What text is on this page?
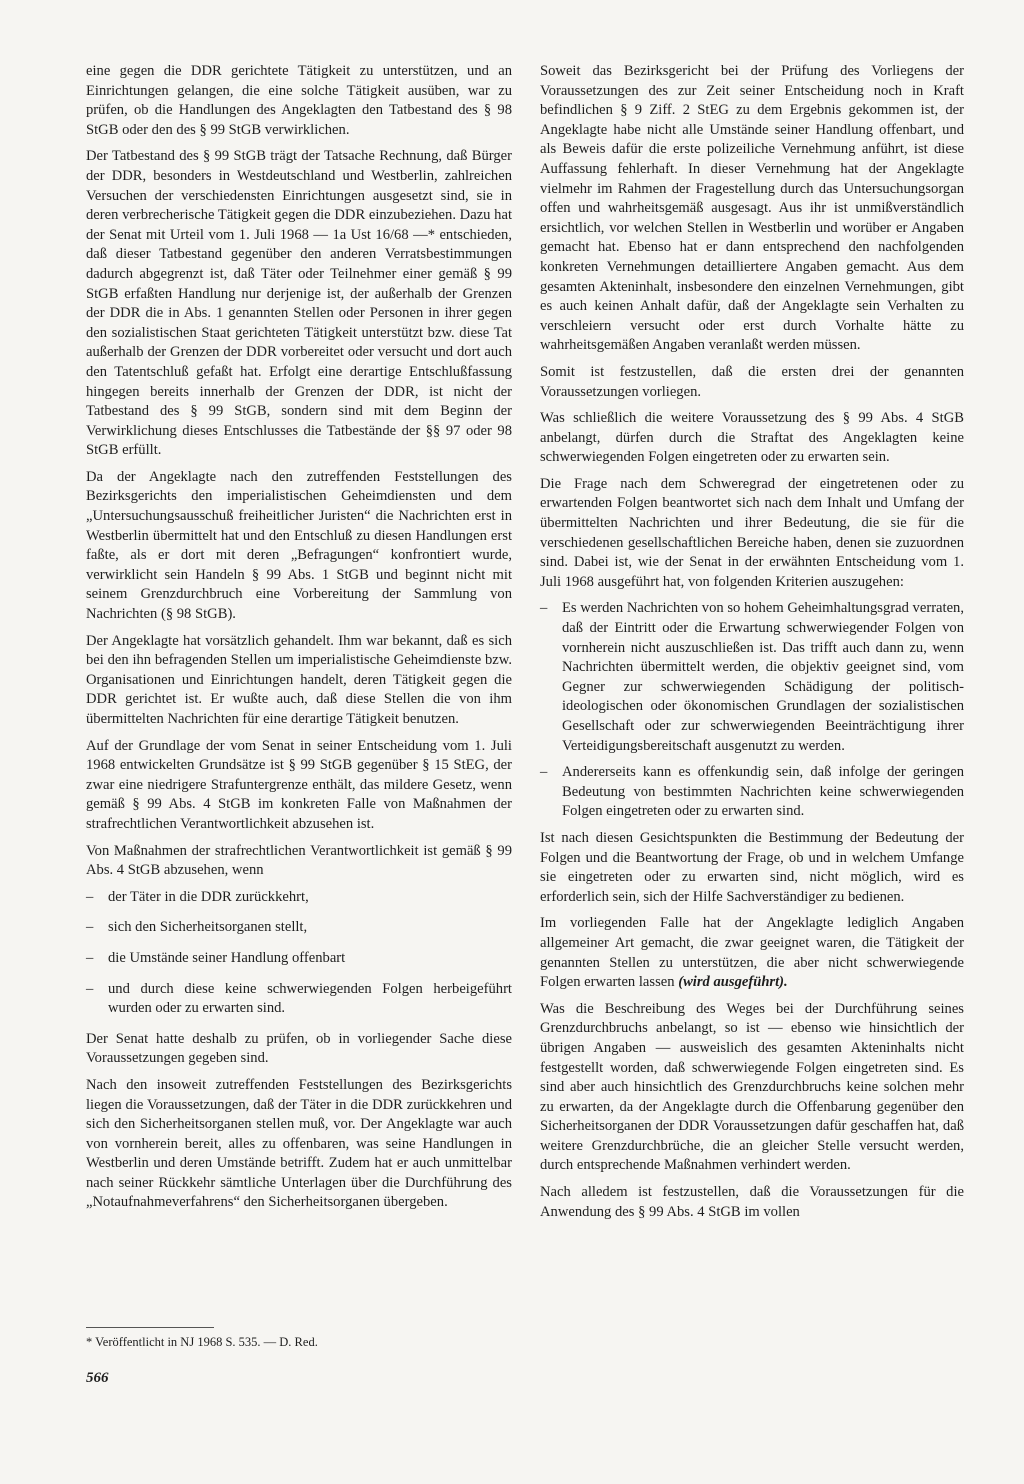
eine gegen die DDR gerichtete Tätigkeit zu unterstützen, und an Einrichtungen gelangen, die eine solche Tätigkeit ausüben, war zu prüfen, ob die Handlungen des Angeklagten den Tatbestand des § 98 StGB oder den des § 99 StGB verwirklichen.

Der Tatbestand des § 99 StGB trägt der Tatsache Rechnung, daß Bürger der DDR, besonders in Westdeutschland und Westberlin, zahlreichen Versuchen der verschiedensten Einrichtungen ausgesetzt sind, sie in deren verbrecherische Tätigkeit gegen die DDR einzubeziehen. Dazu hat der Senat mit Urteil vom 1. Juli 1968 — 1a Ust 16/68 —* entschieden, daß dieser Tatbestand gegenüber den anderen Verratsbestimmungen dadurch abgegrenzt ist, daß Täter oder Teilnehmer einer gemäß § 99 StGB erfaßten Handlung nur derjenige ist, der außerhalb der Grenzen der DDR die in Abs. 1 genannten Stellen oder Personen in ihrer gegen den sozialistischen Staat gerichteten Tätigkeit unterstützt bzw. diese Tat außerhalb der Grenzen der DDR vorbereitet oder versucht und dort auch den Tatentschluß gefaßt hat. Erfolgt eine derartige Entschlußfassung hingegen bereits innerhalb der Grenzen der DDR, ist nicht der Tatbestand des § 99 StGB, sondern sind mit dem Beginn der Verwirklichung dieses Entschlusses die Tatbestände der §§ 97 oder 98 StGB erfüllt.

Da der Angeklagte nach den zutreffenden Feststellungen des Bezirksgerichts den imperialistischen Geheimdiensten und dem „Untersuchungsausschuß freiheitlicher Juristen“ die Nachrichten erst in Westberlin übermittelt hat und den Entschluß zu diesen Handlungen erst faßte, als er dort mit deren „Befragungen“ konfrontiert wurde, verwirklicht sein Handeln § 99 Abs. 1 StGB und beginnt nicht mit seinem Grenzdurchbruch eine Vorbereitung der Sammlung von Nachrichten (§ 98 StGB).

Der Angeklagte hat vorsätzlich gehandelt. Ihm war bekannt, daß es sich bei den ihn befragenden Stellen um imperialistische Geheimdienste bzw. Organisationen und Einrichtungen handelt, deren Tätigkeit gegen die DDR gerichtet ist. Er wußte auch, daß diese Stellen die von ihm übermittelten Nachrichten für eine derartige Tätigkeit benutzen.

Auf der Grundlage der vom Senat in seiner Entscheidung vom 1. Juli 1968 entwickelten Grundsätze ist § 99 StGB gegenüber § 15 StEG, der zwar eine niedrigere Strafuntergrenze enthält, das mildere Gesetz, wenn gemäß § 99 Abs. 4 StGB im konkreten Falle von Maßnahmen der strafrechtlichen Verantwortlichkeit abzusehen ist.

Von Maßnahmen der strafrechtlichen Verantwortlichkeit ist gemäß § 99 Abs. 4 StGB abzusehen, wenn

– der Täter in die DDR zurückkehrt,
– sich den Sicherheitsorganen stellt,
– die Umstände seiner Handlung offenbart
– und durch diese keine schwerwiegenden Folgen herbeigeführt wurden oder zu erwarten sind.

Der Senat hatte deshalb zu prüfen, ob in vorliegender Sache diese Voraussetzungen gegeben sind.

Nach den insoweit zutreffenden Feststellungen des Bezirksgerichts liegen die Voraussetzungen, daß der Täter in die DDR zurückkehren und sich den Sicherheitsorganen stellen muß, vor. Der Angeklagte war auch von vornherein bereit, alles zu offenbaren, was seine Handlungen in Westberlin und deren Umstände betrifft. Zudem hat er auch unmittelbar nach seiner Rückkehr sämtliche Unterlagen über die Durchführung des „Notaufnahmeverfahrens“ den Sicherheitsorganen übergeben.

Soweit das Bezirksgericht bei der Prüfung des Vorliegens der Voraussetzungen des zur Zeit seiner Entscheidung noch in Kraft befindlichen § 9 Ziff. 2 StEG zu dem Ergebnis gekommen ist, der Angeklagte habe nicht alle Umstände seiner Handlung offenbart, und als Beweis dafür die erste polizeiliche Vernehmung anführt, ist diese Auffassung fehlerhaft. In dieser Vernehmung hat der Angeklagte vielmehr im Rahmen der Fragestellung durch das Untersuchungsorgan offen und wahrheitsgemäß ausgesagt. Aus ihr ist unmißverständlich ersichtlich, vor welchen Stellen in Westberlin und worüber er Angaben gemacht hat. Ebenso hat er dann entsprechend den nachfolgenden konkreten Vernehmungen detailliertere Angaben gemacht. Aus dem gesamten Akteninhalt, insbesondere den einzelnen Vernehmungen, gibt es auch keinen Anhalt dafür, daß der Angeklagte sein Verhalten zu verschleiern versucht oder erst durch Vorhalte hätte zu wahrheitsgemäßen Angaben veranlaßt werden müssen.

Somit ist festzustellen, daß die ersten drei der genannten Voraussetzungen vorliegen.

Was schließlich die weitere Voraussetzung des § 99 Abs. 4 StGB anbelangt, dürfen durch die Straftat des Angeklagten keine schwerwiegenden Folgen eingetreten oder zu erwarten sein.

Die Frage nach dem Schweregrad der eingetretenen oder zu erwartenden Folgen beantwortet sich nach dem Inhalt und Umfang der übermittelten Nachrichten und ihrer Bedeutung, die sie für die verschiedenen gesellschaftlichen Bereiche haben, denen sie zuzuordnen sind. Dabei ist, wie der Senat in der erwähnten Entscheidung vom 1. Juli 1968 ausgeführt hat, von folgenden Kriterien auszugehen:

– Es werden Nachrichten von so hohem Geheimhaltungsgrad verraten, daß der Eintritt oder die Erwartung schwerwiegender Folgen von vornherein nicht auszuschließen ist. Das trifft auch dann zu, wenn Nachrichten übermittelt werden, die objektiv geeignet sind, vom Gegner zur schwerwiegenden Schädigung der politisch-ideologischen oder ökonomischen Grundlagen der sozialistischen Gesellschaft oder zur schwerwiegenden Beeinträchtigung ihrer Verteidigungsbereitschaft ausgenutzt zu werden.
– Andererseits kann es offenkundig sein, daß infolge der geringen Bedeutung von bestimmten Nachrichten keine schwerwiegenden Folgen eingetreten oder zu erwarten sind.

Ist nach diesen Gesichtspunkten die Bestimmung der Bedeutung der Folgen und die Beantwortung der Frage, ob und in welchem Umfange sie eingetreten oder zu erwarten sind, nicht möglich, wird es erforderlich sein, sich der Hilfe Sachverständiger zu bedienen.

Im vorliegenden Falle hat der Angeklagte lediglich Angaben allgemeiner Art gemacht, die zwar geeignet waren, die Tätigkeit der genannten Stellen zu unterstützen, die aber nicht schwerwiegende Folgen erwarten lassen (wird ausgeführt).

Was die Beschreibung des Weges bei der Durchführung seines Grenzdurchbruchs anbelangt, so ist — ebenso wie hinsichtlich der übrigen Angaben — ausweislich des gesamten Akteninhalts nicht festgestellt worden, daß schwerwiegende Folgen eingetreten sind. Es sind aber auch hinsichtlich des Grenzdurchbruchs keine solchen mehr zu erwarten, da der Angeklagte durch die Offenbarung gegenüber den Sicherheitsorganen der DDR Voraussetzungen dafür geschaffen hat, daß weitere Grenzdurchbrüche, die an gleicher Stelle versucht werden, durch entsprechende Maßnahmen verhindert werden.

Nach alledem ist festzustellen, daß die Voraussetzungen für die Anwendung des § 99 Abs. 4 StGB im vollen

* Veröffentlicht in NJ 1968 S. 535. — D. Red.
566
